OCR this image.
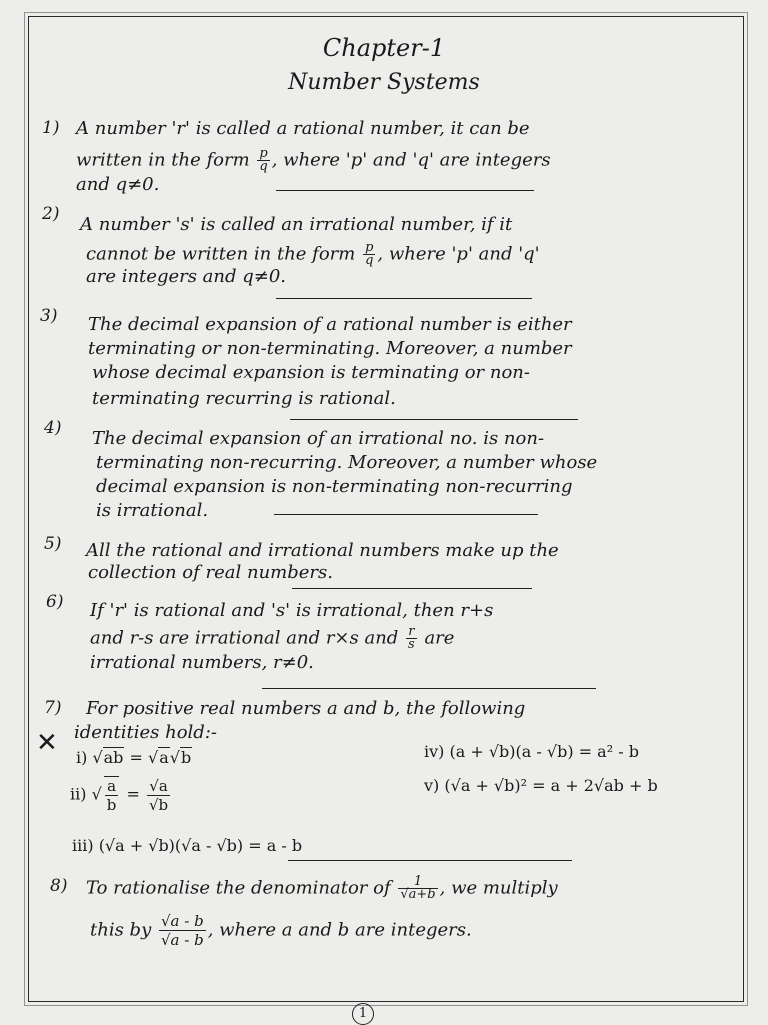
Chapter-1
Number Systems
1) A number 'r' is called a rational number, it can be
written in the form $\frac{p}{q}$ , where 'p' and 'q' are integers
and q≠0.
2) A number 's' is called an irrational number, if it
cannot be written in the form $\frac{p}{q}$ , where 'p' and 'q'
are integers and q≠0.
3) The decimal expansion of a rational number is either
terminating or non-terminating. Moreover, a number
whose decimal expansion is terminating or non-
terminating recurring is rational.
4) The decimal expansion of an irrational no. is non-
terminating non-recurring. Moreover, a number whose
decimal expansion is non-terminating non-recurring
is irrational.
5) All the rational and irrational numbers make up the
collection of real numbers.
6) If 'r' is rational and 's' is irrational, then r+s
and r-s are irrational and r×s and $\frac{r}{s}$ are
irrational numbers, r≠0.
7) For positive real numbers a and b, the following
identities hold:-
✕ i) √ab = √a√b
ii) √ $\frac{a}{b} = \frac{√a}{√b}$
iii) (√a + √b)(√a - √b) = a - b
iv) (a + √b)(a - √b) = a² - b
v) (√a + √b)² = a + 2√ab + b
8) To rationalise the denominator of $\frac{1}{√a+b}$ , we multiply
this by $\frac{√a - b}{√a - b}$ , where a and b are integers.
1
